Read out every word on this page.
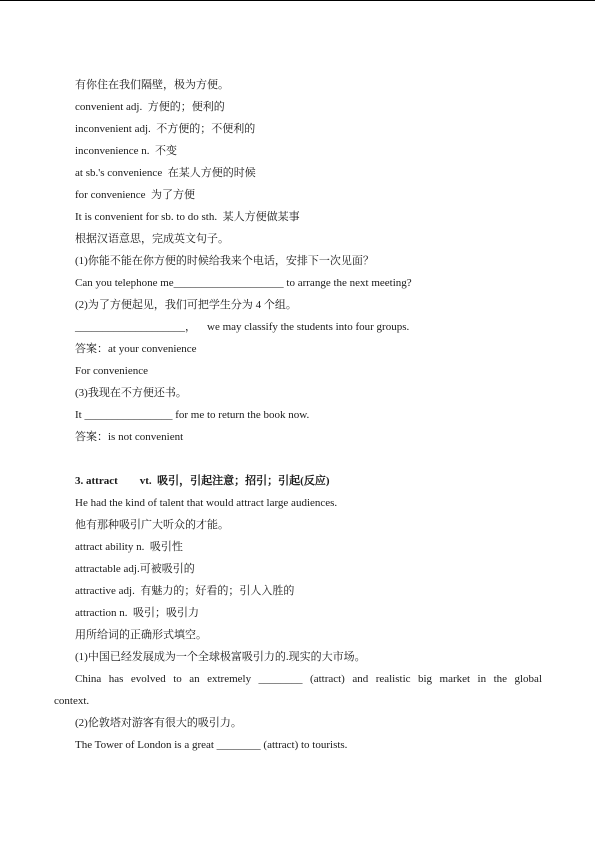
有你住在我们隔壁，极为方便。
convenient adj.  方便的；便利的
inconvenient adj.  不方便的；不便利的
inconvenience n.  不变
at sb.'s convenience  在某人方便的时候
for convenience  为了方便
It is convenient for sb. to do sth.  某人方便做某事
根据汉语意思，完成英文句子。
(1)你能不能在你方便的时候给我来个电话，安排下一次见面？
Can you telephone me____________________ to arrange the next meeting?
(2)为了方便起见，我们可把学生分为 4 个组。
____________________，    we may classify the students into four groups.
答案：at your convenience
For convenience
(3)我现在不方便还书。
It ________________ for me to return the book now.
答案：is not convenient
3. attract        vt.  吸引，引起注意；招引；引起(反应)
He had the kind of talent that would attract large audiences.
他有那种吸引广大听众的才能。
attract ability n.  吸引性
attractable adj.可被吸引的
attractive adj.  有魅力的；好看的；引人入胜的
attraction n.  吸引；吸引力
用所给词的正确形式填空。
(1)中国已经发展成为一个全球极富吸引力的.现实的大市场。
China has evolved to an extremely ________ (attract) and realistic big market in the global
context.
(2)伦敦塔对游客有很大的吸引力。
The Tower of London is a great ________ (attract) to tourists.
